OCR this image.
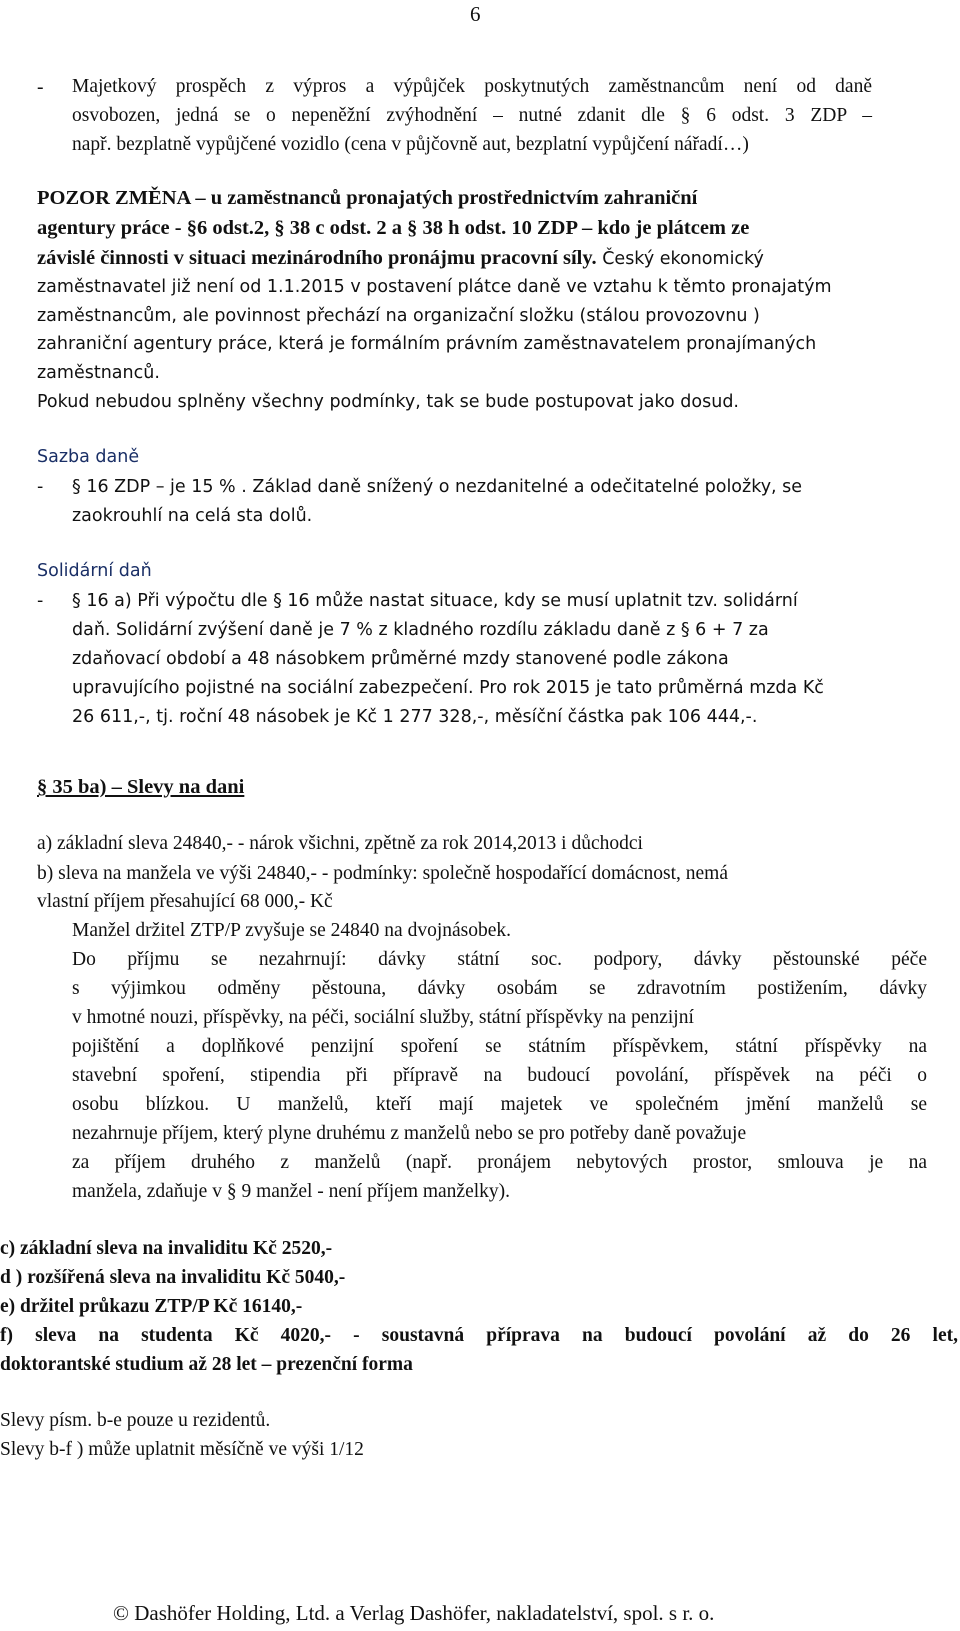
6
- Majetkový prospěch z výpros a výpůjček poskytnutých zaměstnancům není od daně
osvobozen, jedná se o nepeněžní zvýhodnění – nutné zdanit dle § 6 odst. 3 ZDP –
např. bezplatně vypůjčené vozidlo (cena v půjčovně aut, bezplatní vypůjčení nářadí…)
POZOR ZMĚNA – u zaměstnanců pronajatých prostřednictvím zahraniční
agentury práce - §6 odst.2, § 38 c odst. 2 a § 38 h odst. 10 ZDP – kdo je plátcem ze
závislé činnosti v situaci mezinárodního pronájmu pracovní síly. Český ekonomický
zaměstnavatel již není od 1.1.2015 v postavení plátce daně ve vztahu k těmto pronajatým
zaměstnancům, ale povinnost přechází na organizační složku (stálou provozovnu )
zahraniční agentury práce, která je formálním právním zaměstnavatelem pronajímaných
zaměstnanců.
Pokud nebudou splněny všechny podmínky, tak se bude postupovat jako dosud.
Sazba daně
- § 16 ZDP – je 15 % . Základ daně snížený o nezdanitelné a odečitatelné položky, se
zaokrouhlí na celá sta dolů.
Solidární daň
- § 16 a) Při výpočtu dle § 16 může nastat situace, kdy se musí uplatnit tzv. solidární
daň. Solidární zvýšení daně je 7 % z kladného rozdílu základu daně z § 6 + 7 za
zdaňovací období a 48 násobkem průměrné mzdy stanovené podle zákona
upravujícího pojistné na sociální zabezpečení. Pro rok 2015 je tato průměrná mzda Kč
26 611,-, tj. roční 48 násobek je Kč 1 277 328,-, měsíční částka pak 106 444,-.
§ 35 ba) – Slevy na dani
a) základní sleva 24840,- - nárok všichni, zpětně za rok 2014,2013 i důchodci
b) sleva na manžela ve výši 24840,- - podmínky: společně hospodařící domácnost, nemá
vlastní příjem přesahující 68 000,- Kč
Manžel držitel ZTP/P zvyšuje se 24840 na dvojnásobek.
Do příjmu se nezahrnují: dávky státní soc. podpory, dávky pěstounské péče
s výjimkou odměny pěstouna, dávky osobám se zdravotním postižením, dávky
v hmotné nouzi, příspěvky, na péči, sociální služby, státní příspěvky na penzijní
pojištění a doplňkové penzijní spoření se státním příspěvkem, státní příspěvky na
stavební spoření, stipendia při přípravě na budoucí povolání, příspěvek na péči o
osobu blízkou. U manželů, kteří mají majetek ve společném jmění manželů se
nezahrnuje příjem, který plyne druhému z manželů nebo se pro potřeby daně považuje
za příjem druhého z manželů (např. pronájem nebytových prostor, smlouva je na
manžela, zdaňuje v § 9 manžel - není příjem manželky).
c) základní sleva na invaliditu Kč 2520,-
d ) rozšířená sleva na invaliditu Kč 5040,-
e) držitel průkazu ZTP/P Kč 16140,-
f) sleva na studenta Kč 4020,- - soustavná příprava na budoucí povolání až do 26 let,
doktorantské studium až 28 let – prezenční forma
Slevy písm. b-e pouze u rezidentů.
Slevy b-f ) může uplatnit měsíčně ve výši 1/12
© Dashöfer Holding, Ltd. a Verlag Dashöfer, nakladatelství, spol. s r. o.
